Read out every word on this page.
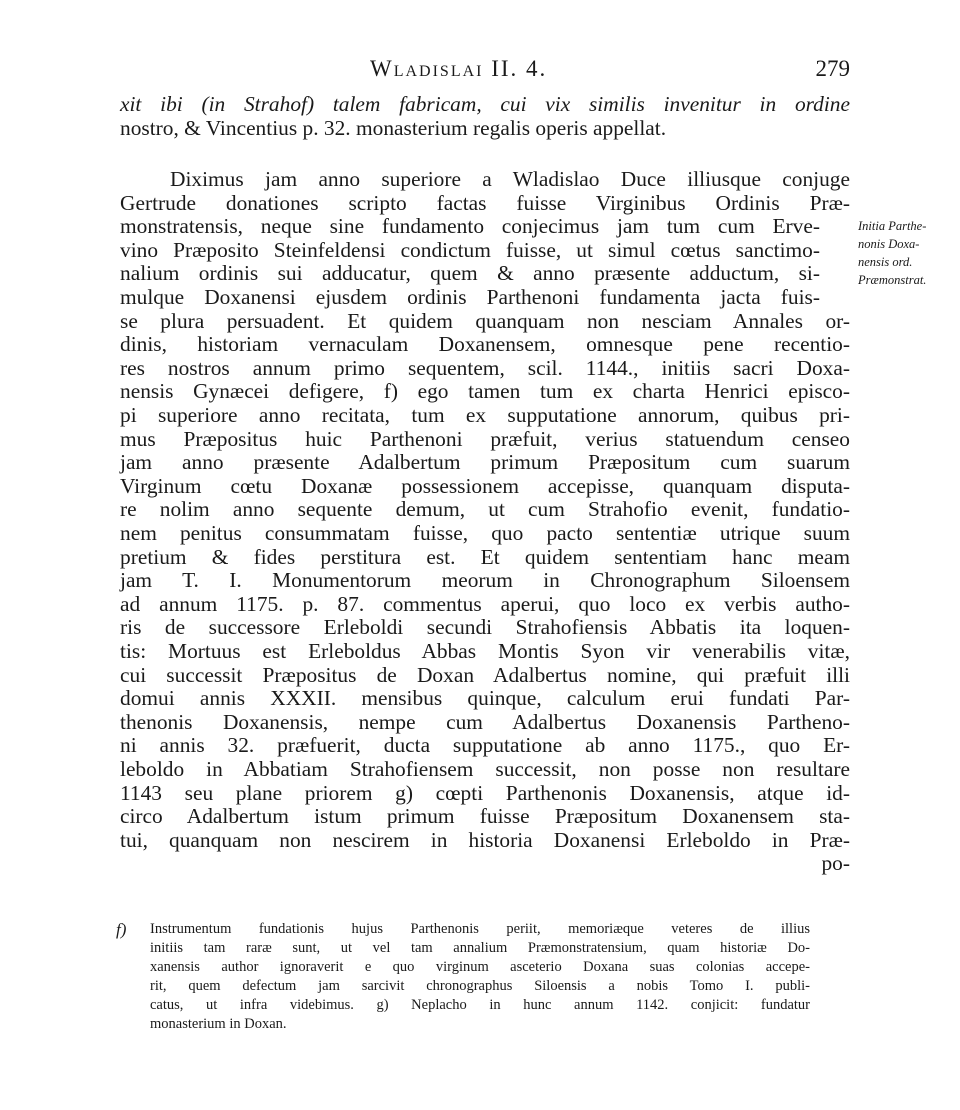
Wladislai II. 4.	279
xit ibi (in Strahof) talem fabricam, cui vix similis invenitur in ordine
nostro, & Vincentius p. 32. monasterium regalis operis appellat.
Diximus jam anno superiore a Wladislao Duce illiusque conjuge
Gertrude donationes scripto factas fuisse Virginibus Ordinis Præ-
monstratensis, neque sine fundamento conjecimus jam tum cum Erve-
vino Præposito Steinfeldensi condictum fuisse, ut simul cœtus sanctimo-
nalium ordinis sui adducatur, quem & anno præsente adductum, si-
mulque Doxanensi ejusdem ordinis Parthenoni fundamenta jacta fuis-
se plura persuadent. Et quidem quanquam non nesciam Annales or-
dinis, historiam vernaculam Doxanensem, omnesque pene recentio-
res nostros annum primo sequentem, scil. 1144., initiis sacri Doxa-
nensis Gynæcei defigere, f) ego tamen tum ex charta Henrici episco-
pi superiore anno recitata, tum ex supputatione annorum, quibus pri-
mus Præpositus huic Parthenoni præfuit, verius statuendum censeo
jam anno præsente Adalbertum primum Præpositum cum suarum
Virginum cœtu Doxanæ possessionem accepisse, quanquam disputa-
re nolim anno sequente demum, ut cum Strahofio evenit, fundatio-
nem penitus consummatam fuisse, quo pacto sententiæ utrique suum
pretium & fides perstitura est. Et quidem sententiam hanc meam
jam T. I. Monumentorum meorum in Chronographum Siloensem
ad annum 1175. p. 87. commentus aperui, quo loco ex verbis autho-
ris de successore Erleboldi secundi Strahofiensis Abbatis ita loquen-
tis: Mortuus est Erleboldus Abbas Montis Syon vir venerabilis vitæ,
cui successit Præpositus de Doxan Adalbertus nomine, qui præfuit illi
domui annis XXXII. mensibus quinque, calculum erui fundati Par-
thenonis Doxanensis, nempe cum Adalbertus Doxanensis Partheno-
ni annis 32. præfuerit, ducta supputatione ab anno 1175., quo Er-
leboldo in Abbatiam Strahofiensem successit, non posse non resultare
1143 seu plane priorem g) cœpti Parthenonis Doxanensis, atque id-
circo Adalbertum istum primum fuisse Præpositum Doxanensem sta-
tui, quanquam non nescirem in historia Doxanensi Erleboldo in Præ-
po-
Initia Parthe-
nonis Doxa-
nensis ord.
Præmonstrat.
f) Instrumentum fundationis hujus Parthenonis periit, memoriæque veteres de illius
initiis tam raræ sunt, ut vel tam annalium Præmonstratensium, quam historiæ Do-
xanensis author ignoraverit e quo virginum asceterio Doxana suas colonias accepe-
rit, quem defectum jam sarcivit chronographus Siloensis a nobis Tomo I. publi-
catus, ut infra videbimus. g) Neplacho in hunc annum 1142. conjicit: fundatur
monasterium in Doxan.
